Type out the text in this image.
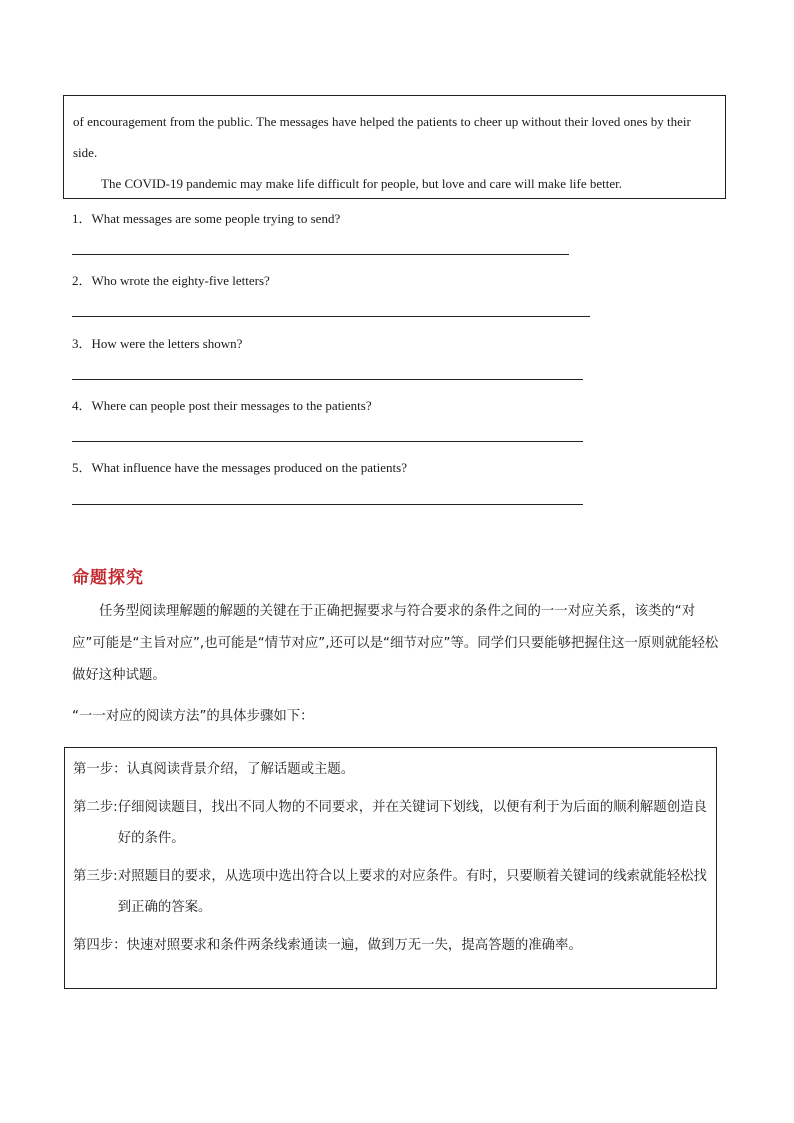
of encouragement from the public. The messages have helped the patients to cheer up without their loved ones by their side.

The COVID-19 pandemic may make life difficult for people, but love and care will make life better.

1．What messages are some people trying to send?
2．Who wrote the eighty-five letters?
3．How were the letters shown?
4．Where can people post their messages to the patients?
5．What influence have the messages produced on the patients?
命题探究

任务型阅读理解题的解题的关键在于正确把握要求与符合要求的条件之间的一一对应关系，该类的“对应”可能是“主旨对应”,也可能是“情节对应”,还可以是“细节对应”等。同学们只要能够把握住这一原则就能轻松做好这种试题。

“一一对应的阅读方法”的具体步骤如下：

第一步： 认真阅读背景介绍，了解话题或主题。
第二步: 仔细阅读题目，找出不同人物的不同要求，并在关键词下划线，以便有利于为后面的顺利解题创造良好的条件。
第三步: 对照题目的要求，从选项中选出符合以上要求的对应条件。有时，只要顺着关键词的线索就能轻松找到正确的答案。
第四步： 快速对照要求和条件两条线索通读一遍，做到万无一失，提高答题的准确率。
